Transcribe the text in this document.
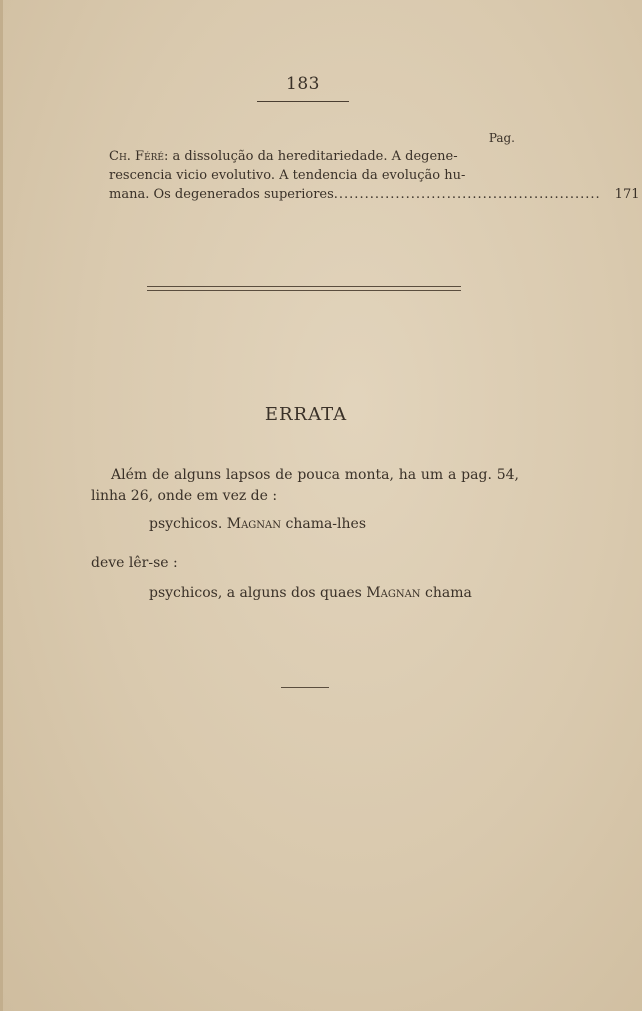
183
Pag.
Ch. Féré: a dissolução da hereditariedade. A degene-
rescencia vicio evolutivo. A tendencia da evolução hu-
mana. Os degenerados superiores .................................................... 171
ERRATA
Além de alguns lapsos de pouca monta, ha um a pag. 54, linha 26, onde em vez de :
psychicos. Magnan chama-lhes
deve lêr-se :
psychicos, a alguns dos quaes Magnan chama
